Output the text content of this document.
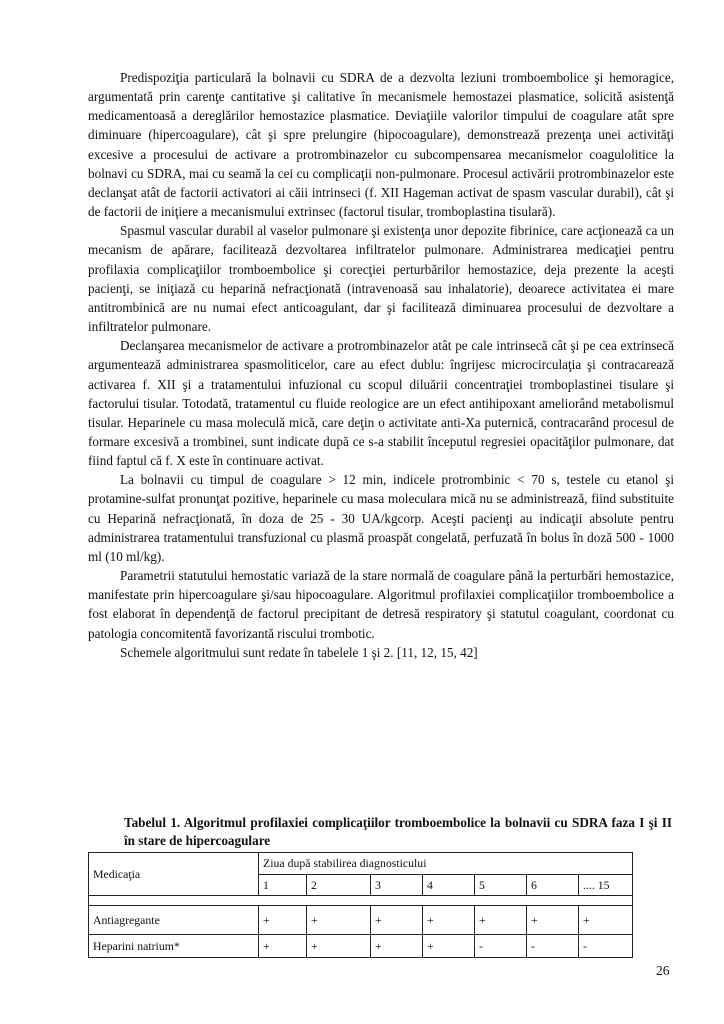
Predispoziţia particulară la bolnavii cu SDRA de a dezvolta leziuni tromboembolice şi hemoragice, argumentată prin carenţe cantitative şi calitative în mecanismele hemostazei plasmatice, solicită asistenţă medicamentoasă a dereglărilor hemostazice plasmatice. Deviaţiile valorilor timpului de coagulare atât spre diminuare (hipercoagulare), cât şi spre prelungire (hipocoagulare), demonstrează prezenţa unei activităţi excesive a procesului de activare a protrombinazelor cu subcompensarea mecanismelor coagulolitice la bolnavi cu SDRA, mai cu seamă la cei cu complicaţii non-pulmonare. Procesul activării protrombinazelor este declanşat atât de factorii activatori ai căii intrinseci (f. XII Hageman activat de spasm vascular durabil), cât şi de factorii de iniţiere a mecanismului extrinsec (factorul tisular, tromboplastina tisulară).

Spasmul vascular durabil al vaselor pulmonare şi existenţa unor depozite fibrinice, care acţionează ca un mecanism de apărare, facilitează dezvoltarea infiltratelor pulmonare. Administrarea medicaţiei pentru profilaxia complicaţiilor tromboembolice şi corecţiei perturbărilor hemostazice, deja prezente la aceşti pacienţi, se iniţiază cu heparină nefracţionată (intravenoasă sau inhalatorie), deoarece activitatea ei mare antitrombinică are nu numai efect anticoagulant, dar şi facilitează diminuarea procesului de dezvoltare a infiltratelor pulmonare.

Declanşarea mecanismelor de activare a protrombinazelor atât pe cale intrinsecă cât şi pe cea extrinsecă argumentează administrarea spasmoliticelor, care au efect dublu: îngrijesc microcirculaţia şi contracarează activarea f. XII şi a tratamentului infuzional cu scopul diluării concentraţiei tromboplastinei tisulare şi factorului tisular. Totodată, tratamentul cu fluide reologice are un efect antihipoxant ameliorând metabolismul tisular. Heparinele cu masa moleculă mică, care deţin o activitate anti-Xa puternică, contracarând procesul de formare excesivă a trombinei, sunt indicate după ce s-a stabilit începutul regresiei opacităţilor pulmonare, dat fiind faptul că f. X este în continuare activat.

La bolnavii cu timpul de coagulare > 12 min, indicele protrombinic < 70 s, testele cu etanol şi protamine-sulfat pronunţat pozitive, heparinele cu masa moleculara mică nu se administrează, fiind substituite cu Heparină nefracţionată, în doza de 25 - 30 UA/kgcorp. Aceşti pacienţi au indicaţii absolute pentru administrarea tratamentului transfuzional cu plasmă proaspăt congelată, perfuzată în bolus în doză 500 - 1000 ml (10 ml/kg).

Parametrii statutului hemostatic variază de la stare normală de coagulare până la perturbări hemostazice, manifestate prin hipercoagulare şi/sau hipocoagulare. Algoritmul profilaxiei complicaţiilor tromboembolice a fost elaborat în dependenţă de factorul precipitant de detresă respiratory şi statutul coagulant, coordonat cu patologia concomitentă favorizantă riscului trombotic.

Schemele algoritmului sunt redate în tabelele 1 şi 2. [11, 12, 15, 42]

Tabelul 1. Algoritmul profilaxiei complicaţiilor tromboembolice la bolnavii cu SDRA faza I şi II în stare de hipercoagulare
Medicaţia	Ziua după stabilirea diagnosticului						
	1	2	3	4	5	6	.... 15

Antiagregante	+	+	+	+	+	+	+
Heparini natrium*	+	+	+	+	-	-	-
26
